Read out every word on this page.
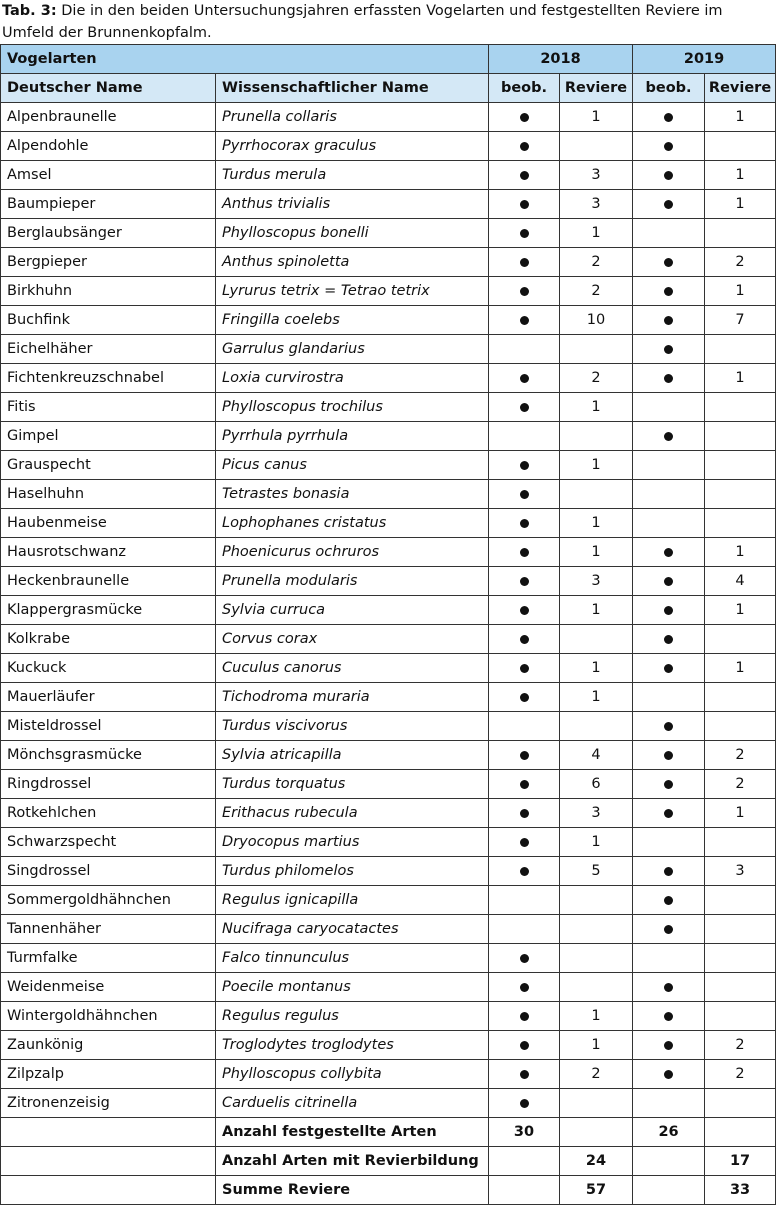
Tab. 3: Die in den beiden Untersuchungsjahren erfassten Vogelarten und festgestellten Reviere im Umfeld der Brunnenkopfalm.
Vogelarten		2018		2019	
Deutscher Name	Wissenschaftlicher Name	beob.	Reviere	beob.	Reviere
Alpenbraunelle	Prunella collaris		1		1
Alpendohle	Pyrrhocorax graculus				
Amsel	Turdus merula		3		1
Baumpieper	Anthus trivialis		3		1
Berglaubsänger	Phylloscopus bonelli		1		
Bergpieper	Anthus spinoletta		2		2
Birkhuhn	Lyrurus tetrix = Tetrao tetrix		2		1
Buchfink	Fringilla coelebs		10		7
Eichelhäher	Garrulus glandarius				
Fichtenkreuzschnabel	Loxia curvirostra		2		1
Fitis	Phylloscopus trochilus		1		
Gimpel	Pyrrhula pyrrhula				
Grauspecht	Picus canus		1		
Haselhuhn	Tetrastes bonasia				
Haubenmeise	Lophophanes cristatus		1		
Hausrotschwanz	Phoenicurus ochruros		1		1
Heckenbraunelle	Prunella modularis		3		4
Klappergrasmücke	Sylvia curruca		1		1
Kolkrabe	Corvus corax				
Kuckuck	Cuculus canorus		1		1
Mauerläufer	Tichodroma muraria		1		
Misteldrossel	Turdus viscivorus				
Mönchsgrasmücke	Sylvia atricapilla		4		2
Ringdrossel	Turdus torquatus		6		2
Rotkehlchen	Erithacus rubecula		3		1
Schwarzspecht	Dryocopus martius		1		
Singdrossel	Turdus philomelos		5		3
Sommergoldhähnchen	Regulus ignicapilla				
Tannenhäher	Nucifraga caryocatactes				
Turmfalke	Falco tinnunculus				
Weidenmeise	Poecile montanus				
Wintergoldhähnchen	Regulus regulus		1		
Zaunkönig	Troglodytes troglodytes		1		2
Zilpzalp	Phylloscopus collybita		2		2
Zitronenzeisig	Carduelis citrinella				
	Anzahl festgestellte Arten	30		26	
	Anzahl Arten mit Revierbildung		24		17
	Summe Reviere		57		33
